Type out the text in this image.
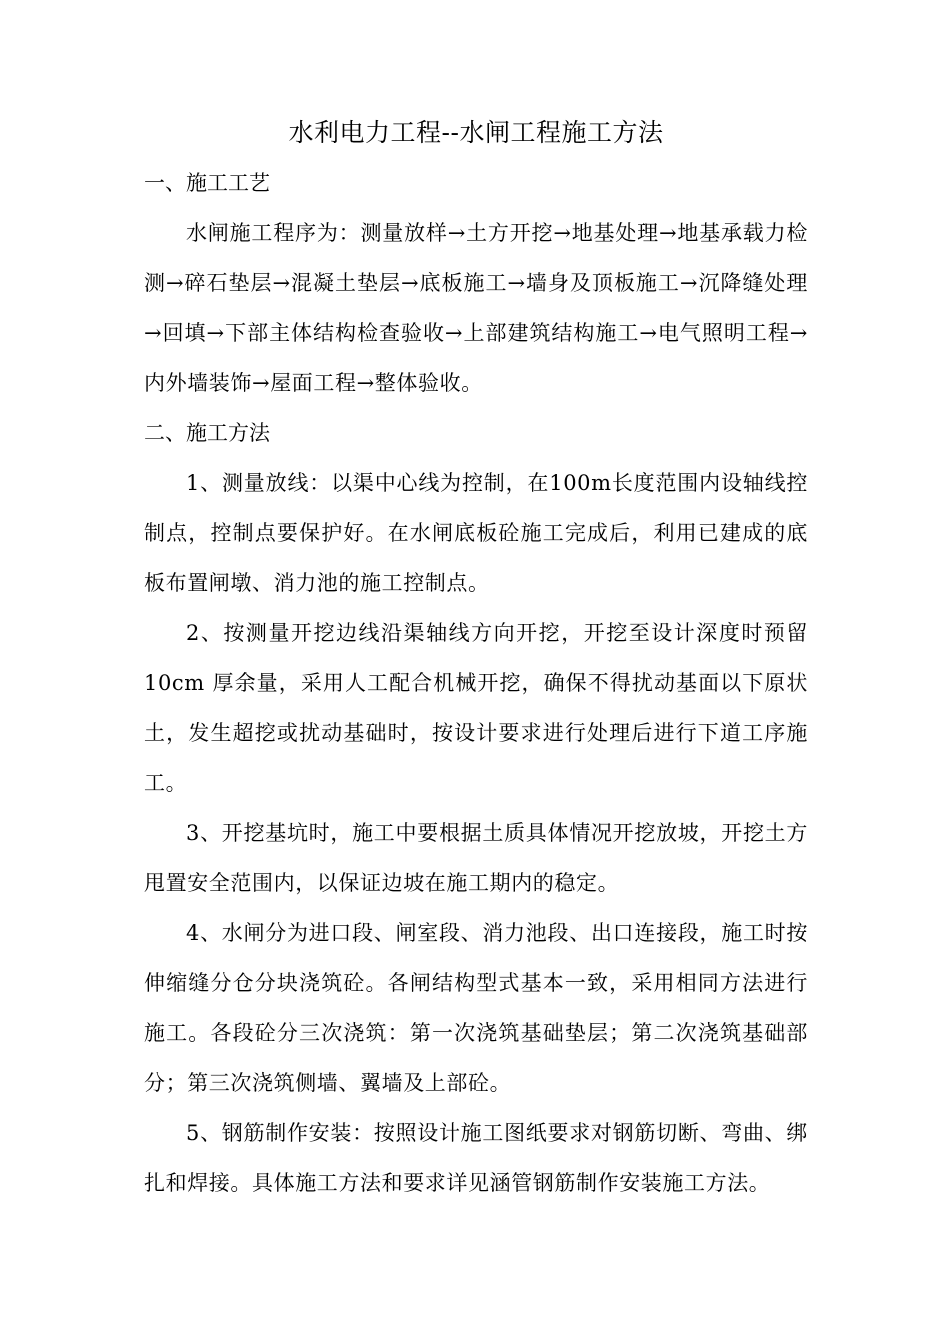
水利电力工程--水闸工程施工方法
一、施工工艺

水闸施工程序为：测量放样→土方开挖→地基处理→地基承载力检测→碎石垫层→混凝土垫层→底板施工→墙身及顶板施工→沉降缝处理→回填→下部主体结构检查验收→上部建筑结构施工→电气照明工程→内外墙装饰→屋面工程→整体验收。

二、施工方法

1、测量放线：以渠中心线为控制，在100m长度范围内设轴线控制点，控制点要保护好。在水闸底板砼施工完成后，利用已建成的底板布置闸墩、消力池的施工控制点。

2、按测量开挖边线沿渠轴线方向开挖，开挖至设计深度时预留10cm 厚余量，采用人工配合机械开挖，确保不得扰动基面以下原状土，发生超挖或扰动基础时，按设计要求进行处理后进行下道工序施工。

3、开挖基坑时，施工中要根据土质具体情况开挖放坡，开挖土方甩置安全范围内，以保证边坡在施工期内的稳定。

4、水闸分为进口段、闸室段、消力池段、出口连接段，施工时按伸缩缝分仓分块浇筑砼。各闸结构型式基本一致，采用相同方法进行施工。各段砼分三次浇筑：第一次浇筑基础垫层；第二次浇筑基础部分；第三次浇筑侧墙、翼墙及上部砼。

5、钢筋制作安装：按照设计施工图纸要求对钢筋切断、弯曲、绑扎和焊接。具体施工方法和要求详见涵管钢筋制作安装施工方法。
